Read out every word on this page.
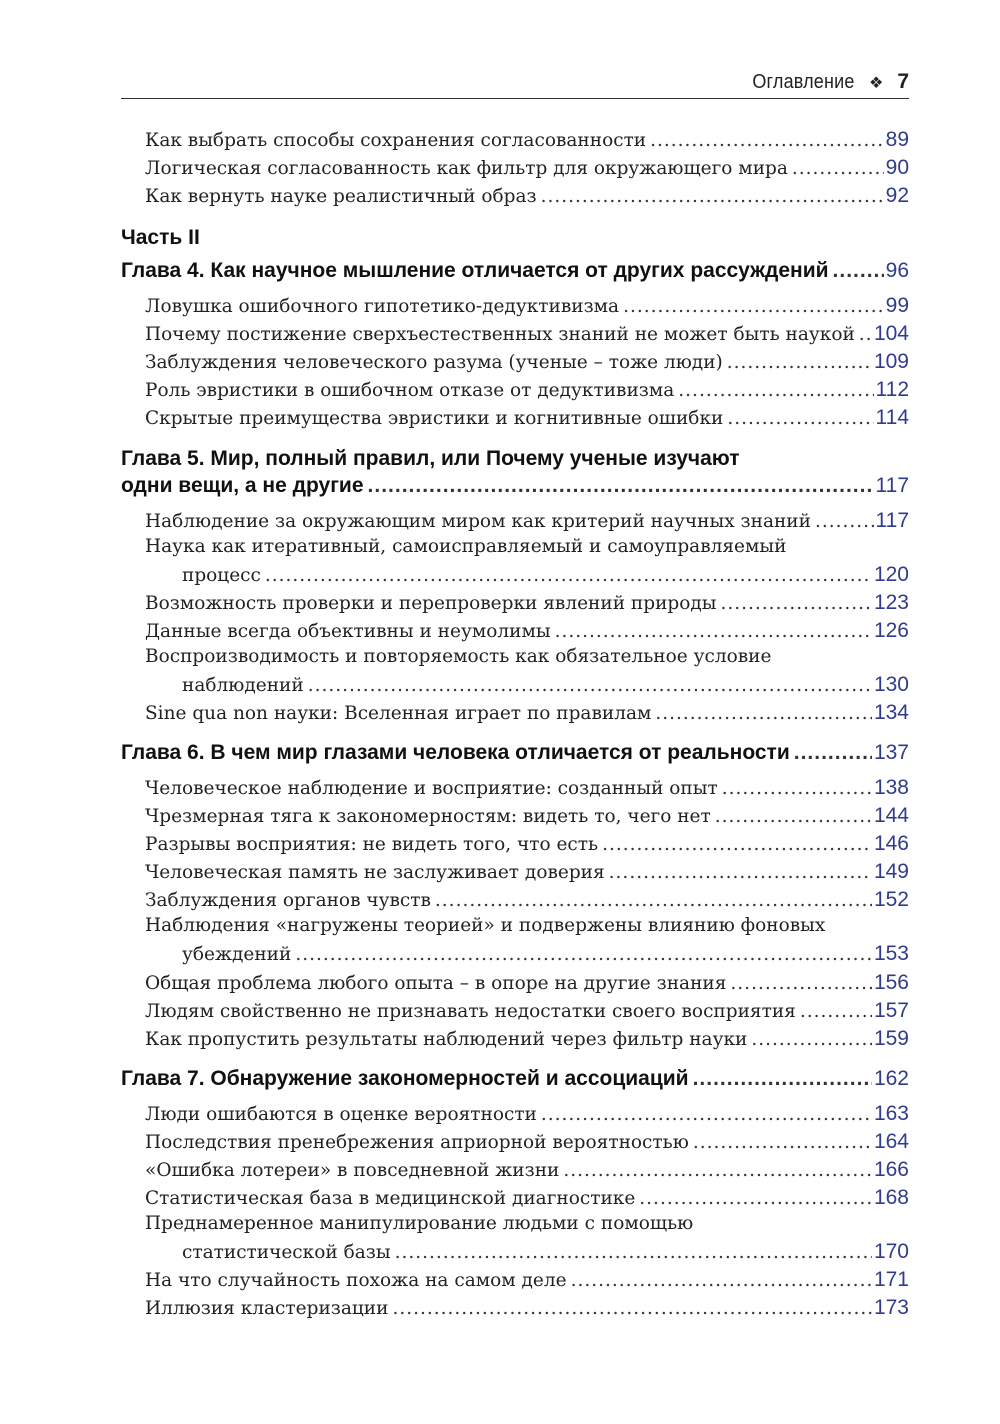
Оглавление ❖ 7
Часть II
Как выбрать способы сохранения согласованности .....	89
Логическая согласованность как фильтр для окружающего мира .....	90
Как вернуть науке реалистичный образ .....	92
Глава 4. Как научное мышление отличается от других рассуждений .....	96
Ловушка ошибочного гипотетико-дедуктивизма .....	99
Почему постижение сверхъестественных знаний не может быть наукой ..... 104
Заблуждения человеческого разума (ученые – тоже люди) .....	109
Роль эвристики в ошибочном отказе от дедуктивизма .....	112
Скрытые преимущества эвристики и когнитивные ошибки .....	114
Глава 5. Мир, полный правил, или Почему ученые изучают
одни вещи, а не другие .....	117
Наблюдение за окружающим миром как критерий научных знаний .....	117
Наука как итеративный, самоисправляемый и самоуправляемый
процесс .....	120
Возможность проверки и перепроверки явлений природы .....	123
Данные всегда объективны и неумолимы .....	126
Воспроизводимость и повторяемость как обязательное условие
наблюдений .....	130
Sine qua non науки: Вселенная играет по правилам .....	134
Глава 6. В чем мир глазами человека отличается от реальности .....	137
Человеческое наблюдение и восприятие: созданный опыт .....	138
Чрезмерная тяга к закономерностям: видеть то, чего нет .....	144
Разрывы восприятия: не видеть того, что есть .....	146
Человеческая память не заслуживает доверия .....	149
Заблуждения органов чувств .....	152
Наблюдения «нагружены теорией» и подвержены влиянию фоновых
убеждений .....	153
Общая проблема любого опыта – в опоре на другие знания .....	156
Людям свойственно не признавать недостатки своего восприятия .....	157
Как пропустить результаты наблюдений через фильтр науки .....	159
Глава 7. Обнаружение закономерностей и ассоциаций .....	162
Люди ошибаются в оценке вероятности .....	163
Последствия пренебрежения априорной вероятностью .....	164
«Ошибка лотереи» в повседневной жизни .....	166
Статистическая база в медицинской диагностике .....	168
Преднамеренное манипулирование людьми с помощью
статистической базы .....	170
На что случайность похожа на самом деле .....	171
Иллюзия кластеризации .....	173
